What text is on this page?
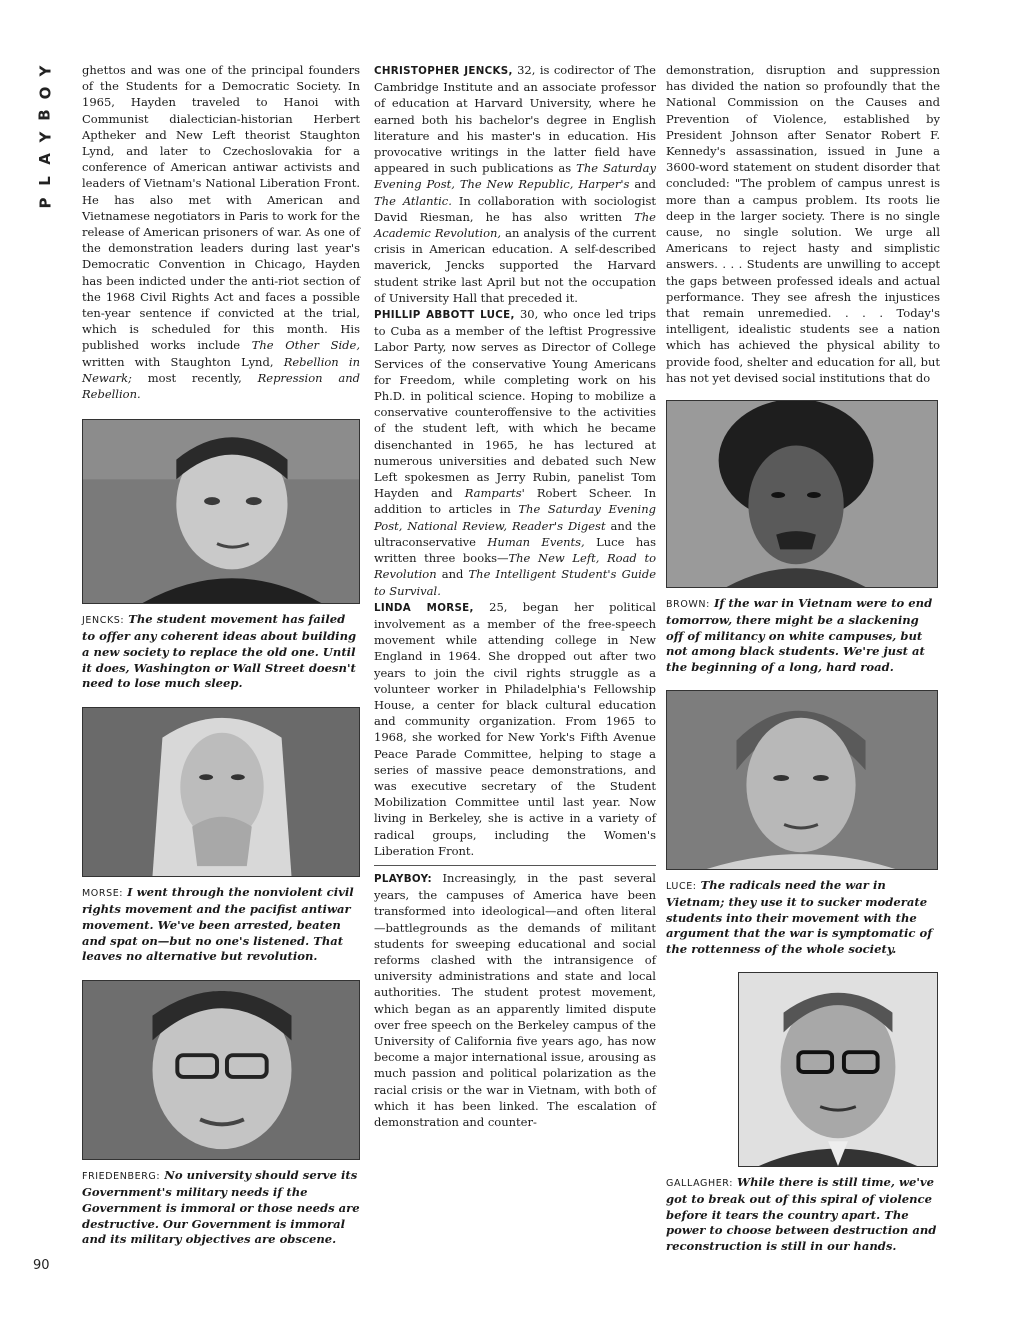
Y
O
B
Y
A
L
P
90

ghettos and was one of the principal founders of the Students for a Democratic Society. In 1965, Hayden traveled to Hanoi with Communist dialectician-historian Herbert Aptheker and New Left theorist Staughton Lynd, and later to Czechoslovakia for a conference of American antiwar activists and leaders of Vietnam's National Liberation Front. He has also met with American and Vietnamese negotiators in Paris to work for the release of American prisoners of war. As one of the demonstration leaders during last year's Democratic Convention in Chicago, Hayden has been indicted under the anti-riot section of the 1968 Civil Rights Act and faces a possible ten-year sentence if convicted at the trial, which is scheduled for this month. His published works include The Other Side, written with Staughton Lynd, Rebellion in Newark; most recently, Repression and Rebellion.

JENCKS: The student movement has failed to offer any coherent ideas about building a new society to replace the old one. Until it does, Washington or Wall Street doesn't need to lose much sleep.

MORSE: I went through the nonviolent civil rights movement and the pacifist antiwar movement. We've been arrested, beaten and spat on—but no one's listened. That leaves no alternative but revolution.

FRIEDENBERG: No university should serve its Government's military needs if the Government is immoral or those needs are destructive. Our Government is immoral and its military objectives are obscene.

CHRISTOPHER JENCKS, 32, is codirector of The Cambridge Institute and an associate professor of education at Harvard University, where he earned both his bachelor's degree in English literature and his master's in education. His provocative writings in the latter field have appeared in such publications as The Saturday Evening Post, The New Republic, Harper's and The Atlantic. In collaboration with sociologist David Riesman, he has also written The Academic Revolution, an analysis of the current crisis in American education. A self-described maverick, Jencks supported the Harvard student strike last April but not the occupation of University Hall that preceded it.

PHILLIP ABBOTT LUCE, 30, who once led trips to Cuba as a member of the leftist Progressive Labor Party, now serves as Director of College Services of the conservative Young Americans for Freedom, while completing work on his Ph.D. in political science. Hoping to mobilize a conservative counteroffensive to the activities of the student left, with which he became disenchanted in 1965, he has lectured at numerous universities and debated such New Left spokesmen as Jerry Rubin, panelist Tom Hayden and Ramparts' Robert Scheer. In addition to articles in The Saturday Evening Post, National Review, Reader's Digest and the ultraconservative Human Events, Luce has written three books—The New Left, Road to Revolution and The Intelligent Student's Guide to Survival.

LINDA MORSE, 25, began her political involvement as a member of the free-speech movement while attending college in New England in 1964. She dropped out after two years to join the civil rights struggle as a volunteer worker in Philadelphia's Fellowship House, a center for black cultural education and community organization. From 1965 to 1968, she worked for New York's Fifth Avenue Peace Parade Committee, helping to stage a series of massive peace demonstrations, and was executive secretary of the Student Mobilization Committee until last year. Now living in Berkeley, she is active in a variety of radical groups, including the Women's Liberation Front.

PLAYBOY: Increasingly, in the past several years, the campuses of America have been transformed into ideological—and often literal—battlegrounds as the demands of militant students for sweeping educational and social reforms clashed with the intransigence of university administrations and state and local authorities. The student protest movement, which began as an apparently limited dispute over free speech on the Berkeley campus of the University of California five years ago, has now become a major international issue, arousing as much passion and political polarization as the racial crisis or the war in Vietnam, with both of which it has been linked. The escalation of demonstration and counter-

demonstration, disruption and suppression has divided the nation so profoundly that the National Commission on the Causes and Prevention of Violence, established by President Johnson after Senator Robert F. Kennedy's assassination, issued in June a 3600-word statement on student disorder that concluded: "The problem of campus unrest is more than a campus problem. Its roots lie deep in the larger society. There is no single cause, no single solution. We urge all Americans to reject hasty and simplistic answers. . . . Students are unwilling to accept the gaps between professed ideals and actual performance. They see afresh the injustices that remain unremedied. . . . Today's intelligent, idealistic students see a nation which has achieved the physical ability to provide food, shelter and education for all, but has not yet devised social institutions that do

BROWN: If the war in Vietnam were to end tomorrow, there might be a slackening off of militancy on white campuses, but not among black students. We're just at the beginning of a long, hard road.

LUCE: The radicals need the war in Vietnam; they use it to sucker moderate students into their movement with the argument that the war is symptomatic of the rottenness of the whole society.

GALLAGHER: While there is still time, we've got to break out of this spiral of violence before it tears the country apart. The power to choose between destruction and reconstruction is still in our hands.
